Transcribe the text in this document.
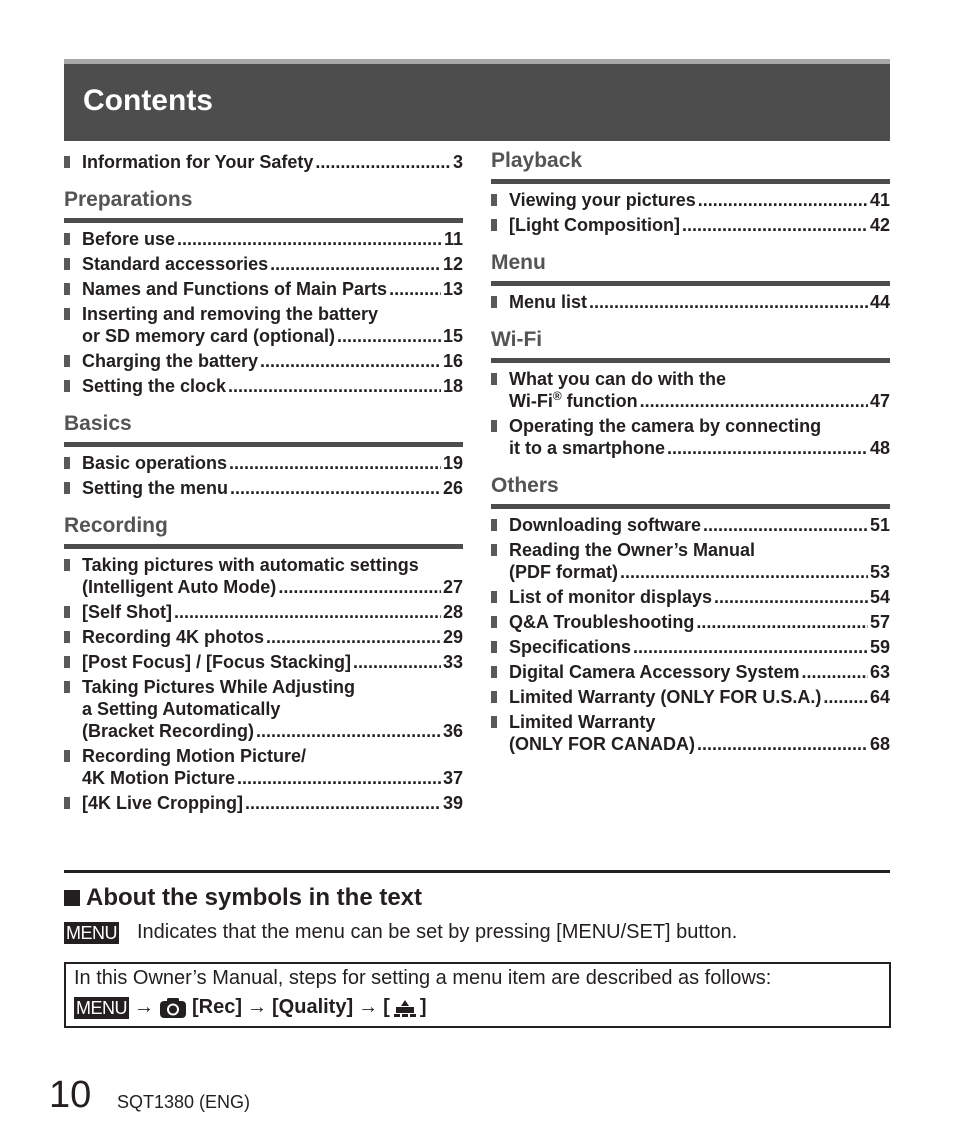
Contents
Information for Your Safety .....	3
Preparations
Before use .....	11
Standard accessories .....	12
Names and Functions of Main Parts .....	13
Inserting and removing the battery
or SD memory card (optional) .....	15
Charging the battery .....	16
Setting the clock .....	18
Basics
Basic operations .....	19
Setting the menu .....	26
Recording
Taking pictures with automatic settings
(Intelligent Auto Mode) .....	27
[Self Shot] .....	28
Recording 4K photos .....	29
[Post Focus] / [Focus Stacking] .....	33
Taking Pictures While Adjusting
a Setting Automatically
(Bracket Recording) .....	36
Recording Motion Picture/
4K Motion Picture .....	37
[4K Live Cropping] .....	39
Playback
Viewing your pictures .....	41
[Light Composition] .....	42
Menu
Menu list .....	44
Wi-Fi
What you can do with the
Wi-Fi® function .....	47
Operating the camera by connecting
it to a smartphone .....	48
Others
Downloading software .....	51
Reading the Owner’s Manual
(PDF format) .....	53
List of monitor displays .....	54
Q&A Troubleshooting .....	57
Specifications .....	59
Digital Camera Accessory System .....	63
Limited Warranty (ONLY FOR U.S.A.) .....	64
Limited Warranty
(ONLY FOR CANADA) .....	68
About the symbols in the text
MENU Indicates that the menu can be set by pressing [MENU/SET] button.
In this Owner’s Manual, steps for setting a menu item are described as follows:
MENU → [Rec] → [Quality] → [ ]
10 SQT1380 (ENG)
